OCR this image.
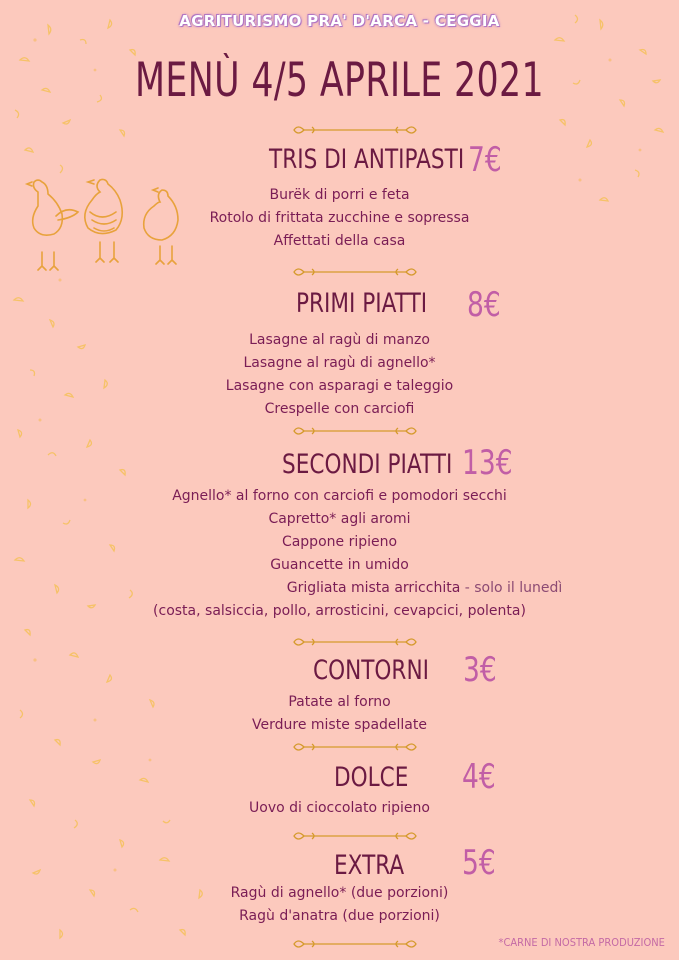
AGRITURISMO PRA' D'ARCA - CEGGIA
MENÙ 4/5 APRILE 2021
TRIS DI ANTIPASTI 7€
Burëk di porri e feta
Rotolo di frittata zucchine e sopressa
Affettati della casa
PRIMI PIATTI 8€
Lasagne al ragù di manzo
Lasagne al ragù di agnello*
Lasagne con asparagi e taleggio
Crespelle con carciofi
SECONDI PIATTI 13€
Agnello* al forno con carciofi e pomodori secchi
Capretto* agli aromi
Cappone ripieno
Guancette in umido
Grigliata mista arricchita - solo il lunedì
(costa, salsiccia, pollo, arrosticini, cevapcici, polenta)
CONTORNI 3€
Patate al forno
Verdure miste spadellate
DOLCE 4€
Uovo di cioccolato ripieno
EXTRA 5€
Ragù di agnello* (due porzioni)
Ragù d'anatra (due porzioni)
*CARNE DI NOSTRA PRODUZIONE
